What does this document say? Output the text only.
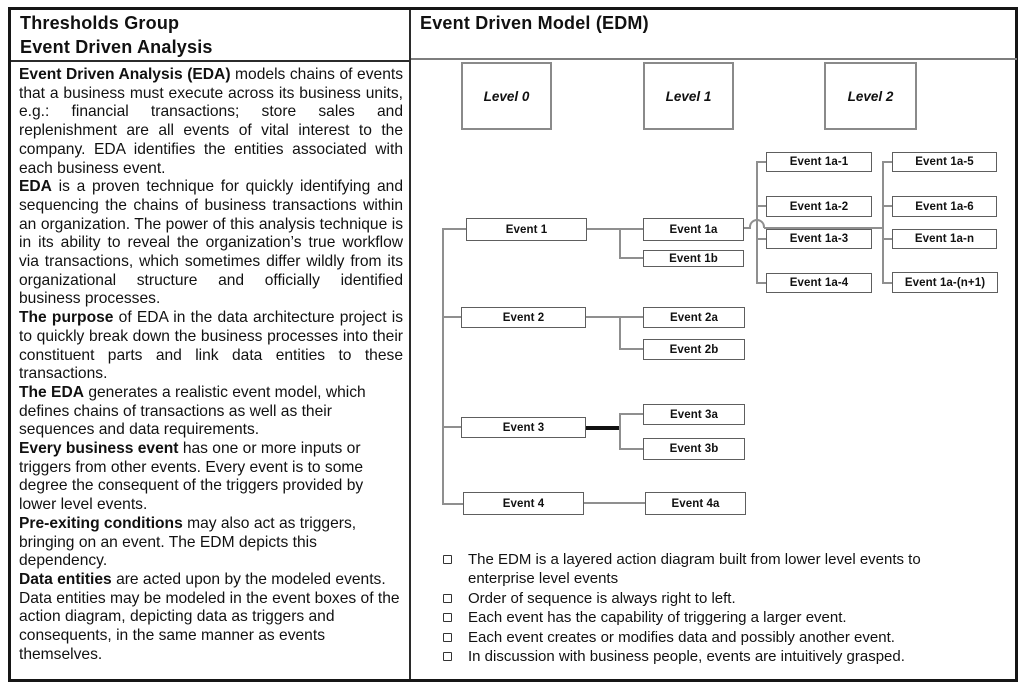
Thresholds Group
Event Driven Analysis

Event Driven Analysis (EDA) models chains of events that a business must execute across its business units, e.g.: financial transactions; store sales and replenishment are all events of vital interest to the company. EDA identifies the entities associated with each business event.

EDA is a proven technique for quickly identifying and sequencing the chains of business transactions within an organization. The power of this analysis technique is in its ability to reveal the organization’s true workflow via transactions, which sometimes differ wildly from its organizational structure and officially identified business processes.

The purpose of EDA in the data architecture project is to quickly break down the business processes into their constituent parts and link data entities to these transactions.

The EDA generates a realistic event model, which defines chains of transactions as well as their sequences and data requirements.

Every business event has one or more inputs or triggers from other events. Every event is to some degree the consequent of the triggers provided by lower level events.

Pre-exiting conditions may also act as triggers, bringing on an event. The EDM depicts this dependency.

Data entities are acted upon by the modeled events. Data entities may be modeled in the event boxes of the action diagram, depicting data as triggers and consequents, in the same manner as events themselves.

Event Driven Model (EDM)
Level 0	Level 1	Level 2
Event 1	Event 1a
Event 1b
Event 2	Event 2a
Event 2b
Event 3
Event 3a
Event 3b
Event 4	Event 4a
Event 1a-1
Event 1a-2
Event 1a-3
Event 1a-4
Event 1a-5
Event 1a-6
Event 1a-n
Event 1a-(n+1)
The EDM is a layered action diagram built from lower level events to enterprise level events
Order of sequence is always right to left.
Each event has the capability of triggering a larger event.
Each event creates or modifies data and possibly another event.
In discussion with business people, events are intuitively grasped.
